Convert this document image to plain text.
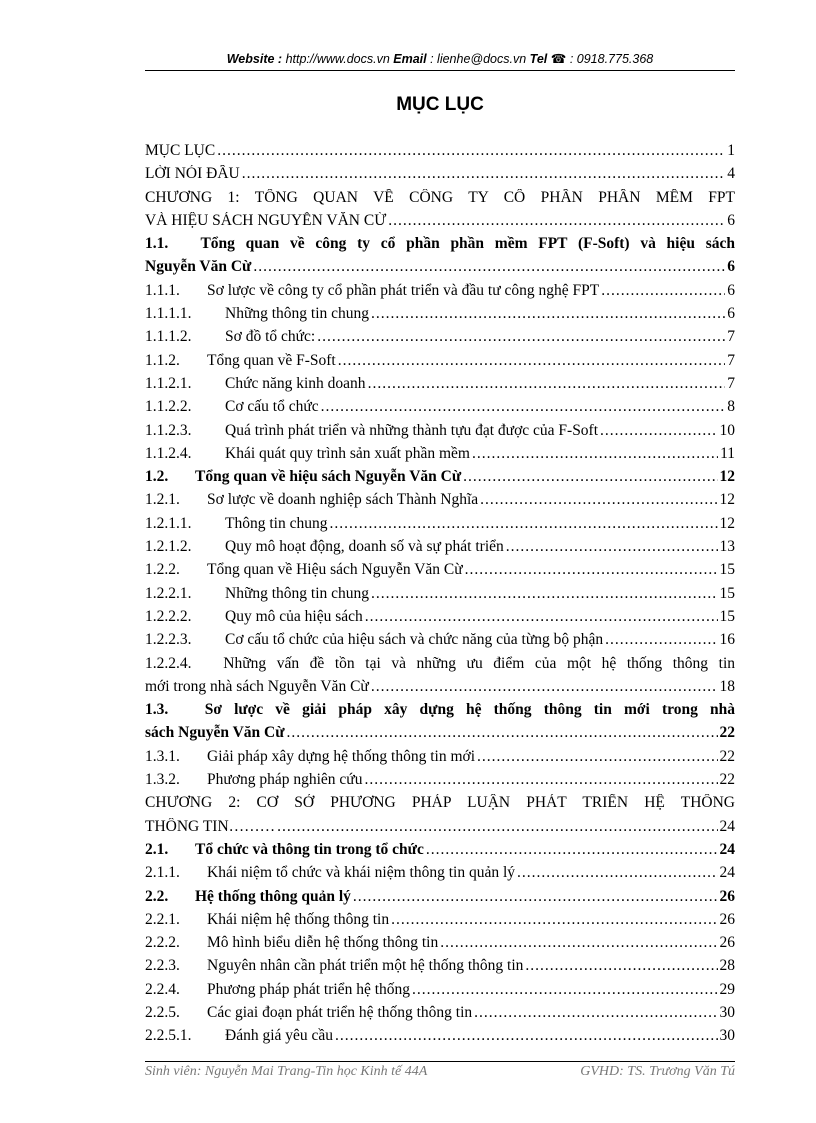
Website : http://www.docs.vn Email : lienhe@docs.vn Tel ☎ : 0918.775.368
MỤC LỤC
MỤC LỤC .....	1
LỜI NÓI ĐẦU .....	4
CHƯƠNG 1: TỔNG QUAN VỀ CÔNG TY CỔ PHẦN PHẦN MỀM FPT
VÀ HIỆU SÁCH NGUYỄN VĂN CỪ .....	6
1.1. Tổng quan về công ty cổ phần phần mềm FPT (F-Soft) và hiệu sách
Nguyễn Văn Cừ .....	6
1.1.1.	Sơ lược về công ty cổ phần phát triển và đầu tư công nghệ FPT .....	6
1.1.1.1.	Những thông tin chung .....	6
1.1.1.2.	Sơ đồ tổ chức: .....	7
1.1.2.	Tổng quan về F-Soft .....	7
1.1.2.1.	Chức năng kinh doanh .....	7
1.1.2.2.	Cơ cấu tổ chức .....	8
1.1.2.3.	Quá trình phát triển và những thành tựu đạt được của F-Soft .....	10
1.1.2.4.	Khái quát quy trình sản xuất phần mềm .....	11
1.2.	Tổng quan về hiệu sách Nguyễn Văn Cừ .....	12
1.2.1.	Sơ lược về doanh nghiệp sách Thành Nghĩa .....	12
1.2.1.1.	Thông tin chung .....	12
1.2.1.2.	Quy mô hoạt động, doanh số và sự phát triển .....	13
1.2.2.	Tổng quan về Hiệu sách Nguyễn Văn Cừ .....	15
1.2.2.1.	Những thông tin chung .....	15
1.2.2.2.	Quy mô của hiệu sách .....	15
1.2.2.3.	Cơ cấu tổ chức của hiệu sách và chức năng của từng bộ phận .....	16
1.2.2.4. Những vấn đề tồn tại và những ưu điểm của một hệ thống thông tin
mới trong nhà sách Nguyễn Văn Cừ .....	18
1.3. Sơ lược về giải pháp xây dựng hệ thống thông tin mới trong nhà
sách Nguyễn Văn Cừ .....	22
1.3.1.	Giải pháp xây dựng hệ thống thông tin mới .....	22
1.3.2.	Phương pháp nghiên cứu .....	22
CHƯƠNG 2: CƠ SỞ PHƯƠNG PHÁP LUẬN PHÁT TRIỂN HỆ THỐNG
THÔNG TIN……… .....	24
2.1.	Tổ chức và thông tin trong tổ chức .....	24
2.1.1.	Khái niệm tổ chức và khái niệm thông tin quản lý .....	24
2.2.	Hệ thống thông quản lý .....	26
2.2.1.	Khái niệm hệ thống thông tin .....	26
2.2.2.	Mô hình biểu diễn hệ thống thông tin .....	26
2.2.3.	Nguyên nhân cần phát triển một hệ thống thông tin .....	28
2.2.4.	Phương pháp phát triển hệ thống .....	29
2.2.5.	Các giai đoạn phát triển hệ thống thông tin .....	30
2.2.5.1.	Đánh giá yêu cầu .....	30
Sinh viên: Nguyễn Mai Trang-Tin học Kinh tế 44A	GVHD: TS. Trương Văn Tú
